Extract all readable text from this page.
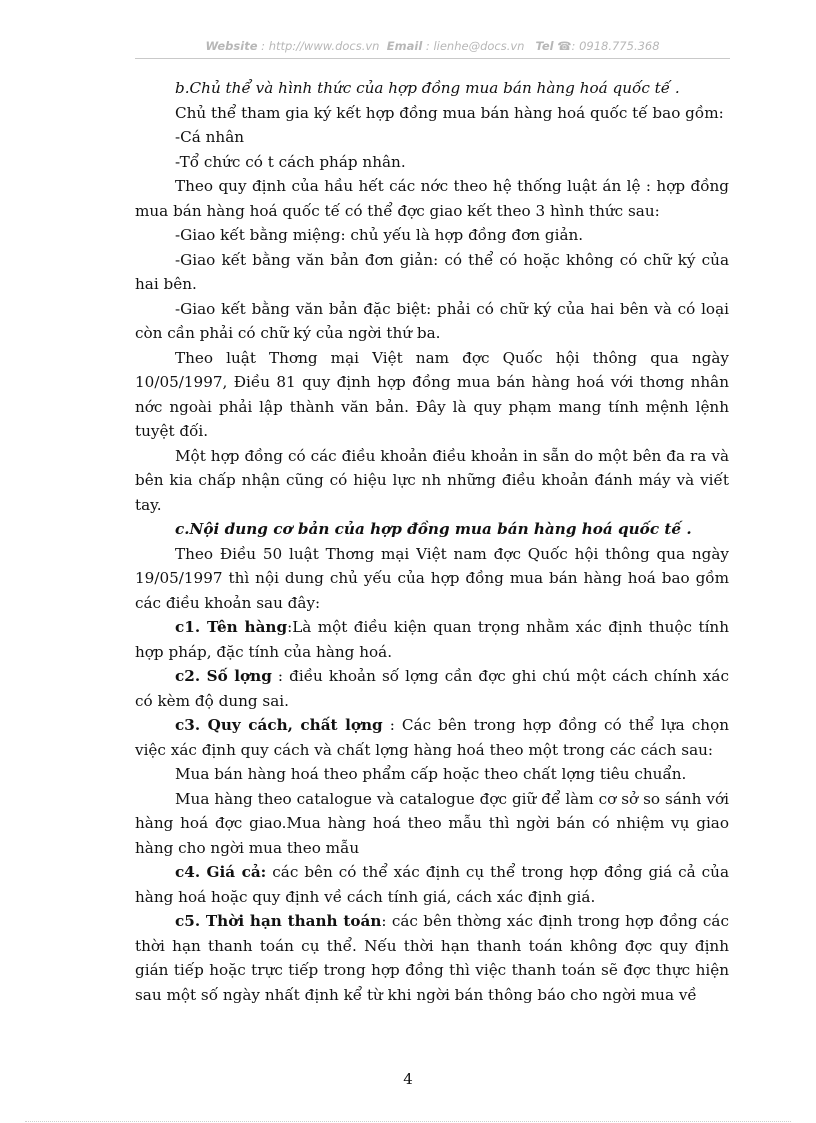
Website : http://www.docs.vn Email : lienhe@docs.vn Tel ☎: 0918.775.368

b.Chủ thể và hình thức của hợp đồng mua bán hàng hoá quốc tế .

Chủ thể tham gia ký kết hợp đồng mua bán hàng hoá quốc tế bao gồm:

-Cá nhân

-Tổ chức có t cách pháp nhân.

Theo quy định của hầu hết các nớc theo hệ thống luật án lệ : hợp đồng mua bán hàng hoá quốc tế có thể đợc giao kết theo 3 hình thức sau:

-Giao kết bằng miệng: chủ yếu là hợp đồng đơn giản.

-Giao kết bằng văn bản đơn giản: có thể có hoặc không có chữ ký của hai bên.

-Giao kết bằng văn bản đặc biệt: phải có chữ ký của hai bên và có loại còn cần phải có chữ ký của ngời thứ ba.

Theo luật Thơng mại Việt nam đợc Quốc hội thông qua ngày 10/05/1997, Điều 81 quy định hợp đồng mua bán hàng hoá với thơng nhân nớc ngoài phải lập thành văn bản. Đây là quy phạm mang tính mệnh lệnh tuyệt đối.

Một hợp đồng có các điều khoản điều khoản in sẵn do một bên đa ra và bên kia chấp nhận cũng có hiệu lực nh những điều khoản đánh máy và viết tay.

c.Nội dung cơ bản của hợp đồng mua bán hàng hoá quốc tế .

Theo Điều 50 luật Thơng mại Việt nam đợc Quốc hội thông qua ngày 19/05/1997 thì nội dung chủ yếu của hợp đồng mua bán hàng hoá bao gồm các điều khoản sau đây:

c1. Tên hàng:Là một điều kiện quan trọng nhằm xác định thuộc tính hợp pháp, đặc tính của hàng hoá.

c2. Số lợng : điều khoản số lợng cần đợc ghi chú một cách chính xác có kèm độ dung sai.

c3. Quy cách, chất lợng : Các bên trong hợp đồng có thể lựa chọn việc xác định quy cách và chất lợng hàng hoá theo một trong các cách sau:

Mua bán hàng hoá theo phẩm cấp hoặc theo chất lợng tiêu chuẩn.

Mua hàng theo catalogue và catalogue đợc giữ để làm cơ sở so sánh với hàng hoá đợc giao.Mua hàng hoá theo mẫu thì ngời bán có nhiệm vụ giao hàng cho ngời mua theo mẫu

c4. Giá cả: các bên có thể xác định cụ thể trong hợp đồng giá cả của hàng hoá hoặc quy định về cách tính giá, cách xác định giá.

c5. Thời hạn thanh toán: các bên thờng xác định trong hợp đồng các thời hạn thanh toán cụ thể. Nếu thời hạn thanh toán không đợc quy định gián tiếp hoặc trực tiếp trong hợp đồng thì việc thanh toán sẽ đợc thực hiện sau một số ngày nhất định kể từ khi ngời bán thông báo cho ngời mua về

4
